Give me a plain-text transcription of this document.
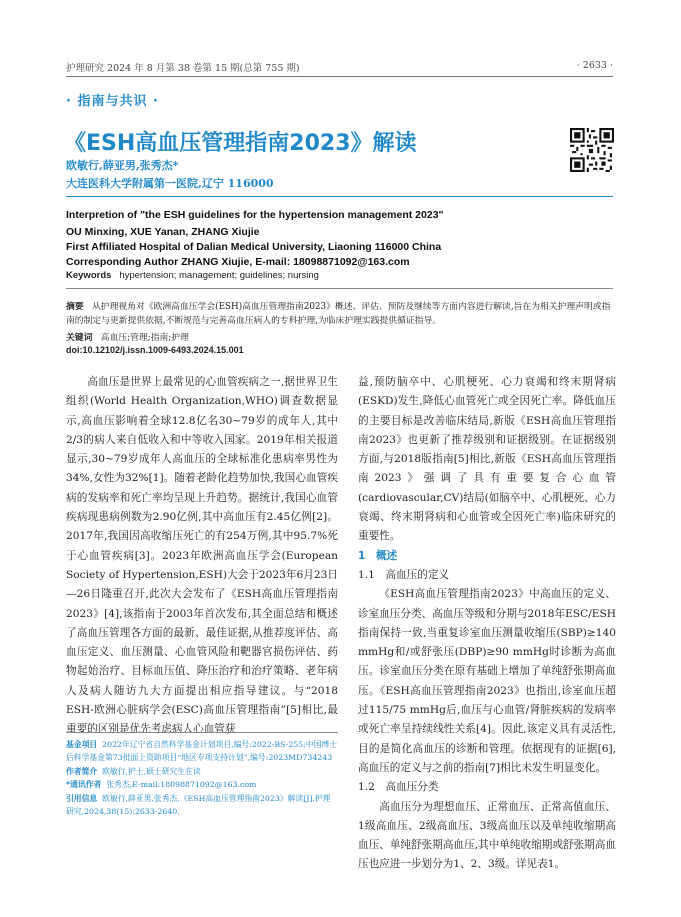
护理研究 2024 年 8 月第 38 卷第 15 期(总第 755 期)	· 2633 ·
· 指南与共识 ·
《ESH高血压管理指南2023》解读
欧敏行,薛亚男,张秀杰*
大连医科大学附属第一医院,辽宁 116000
Interpretion of "the ESH guidelines for the hypertension management 2023"
OU Minxing, XUE Yanan, ZHANG Xiujie
First Affiliated Hospital of Dalian Medical University, Liaoning 116000 China
Corresponding Author ZHANG Xiujie, E-mail: 18098871092@163.com
Keywords hypertension; management; guidelines; nursing
摘要 从护理视角对《欧洲高血压学会(ESH)高血压管理指南2023》概述、评估、预防及继续等方面内容进行解读,旨在为相关护理声明或指南的制定与更新提供依据,不断规范与完善高血压病人的专科护理,为临床护理实践提供循证指导。
关键词 高血压;管理;指南;护理
doi:10.12102/j.issn.1009-6493.2024.15.001

高血压是世界上最常见的心血管疾病之一,据世界卫生组织(World Health Organization,WHO)调查数据显示,高血压影响着全球12.8亿名30~79岁的成年人,其中2/3的病人来自低收入和中等收入国家。2019年相关报道显示,30~79岁成年人高血压的全球标准化患病率男性为34%,女性为32%[1]。随着老龄化趋势加快,我国心血管疾病的发病率和死亡率均呈现上升趋势。据统计,我国心血管疾病现患病例数为2.90亿例,其中高血压有2.45亿例[2]。2017年,我国因高收缩压死亡的有254万例,其中95.7%死于心血管疾病[3]。2023年欧洲高血压学会(European Society of Hypertension,ESH)大会于2023年6月23日—26日隆重召开,此次大会发布了《ESH高血压管理指南2023》[4],该指南于2003年首次发布,其全面总结和概述了高血压管理各方面的最新、最佳证据,从推荐度评估、高血压定义、血压测量、心血管风险和靶器官损伤评估、药物起始治疗、目标血压值、降压治疗和治疗策略、老年病人及病人随访九大方面提出相应指导建议。与“2018 ESH-欧洲心脏病学会(ESC)高血压管理指南”[5]相比,最重要的区别是优先考虑病人心血管获

益,预防脑卒中、心肌梗死、心力衰竭和终末期肾病(ESKD)发生,降低心血管死亡或全因死亡率。降低血压的主要目标是改善临床结局,新版《ESH高血压管理指南2023》也更新了推荐级别和证据级别。在证据级别方面,与2018版指南[5]相比,新版《ESH高血压管理指南2023》强调了具有重要复合心血管(cardiovascular,CV)结局(如脑卒中、心肌梗死、心力衰竭、终末期肾病和心血管或全因死亡率)临床研究的重要性。

1　概述

1.1　高血压的定义

《ESH高血压管理指南2023》中高血压的定义、诊室血压分类、高血压等级和分期与2018年ESC/ESH指南保持一致,当重复诊室血压测量收缩压(SBP)≥140 mmHg和/或舒张压(DBP)≥90 mmHg时诊断为高血压。诊室血压分类在原有基础上增加了单纯舒张期高血压。《ESH高血压管理指南2023》也指出,诊室血压超过115/75 mmHg后,血压与心血管/肾脏疾病的发病率或死亡率呈持续线性关系[4]。因此,该定义具有灵活性,目的是简化高血压的诊断和管理。依据现有的证据[6],高血压的定义与之前的指南[7]相比未发生明显变化。

1.2　高血压分类

高血压分为理想血压、正常血压、正常高值血压、1级高血压、2级高血压、3级高血压以及单纯收缩期高血压、单纯舒张期高血压,其中单纯收缩期或舒张期高血压也应进一步划分为1、2、3级。详见表1。

基金项目 2022年辽宁省自然科学基金计划项目,编号:2022-BS-255;中国博士后科学基金第73批面上资助项目“地区专项支持计划”,编号:2023MD734243
作者简介 欧敏行,护士,硕士研究生在读
*通讯作者 张秀杰,E-mail:18098871092@163.com
引用信息 欧敏行,薛亚男,张秀杰.《ESH高血压管理指南2023》解读[J].护理研究,2024,38(15):2633-2640.
